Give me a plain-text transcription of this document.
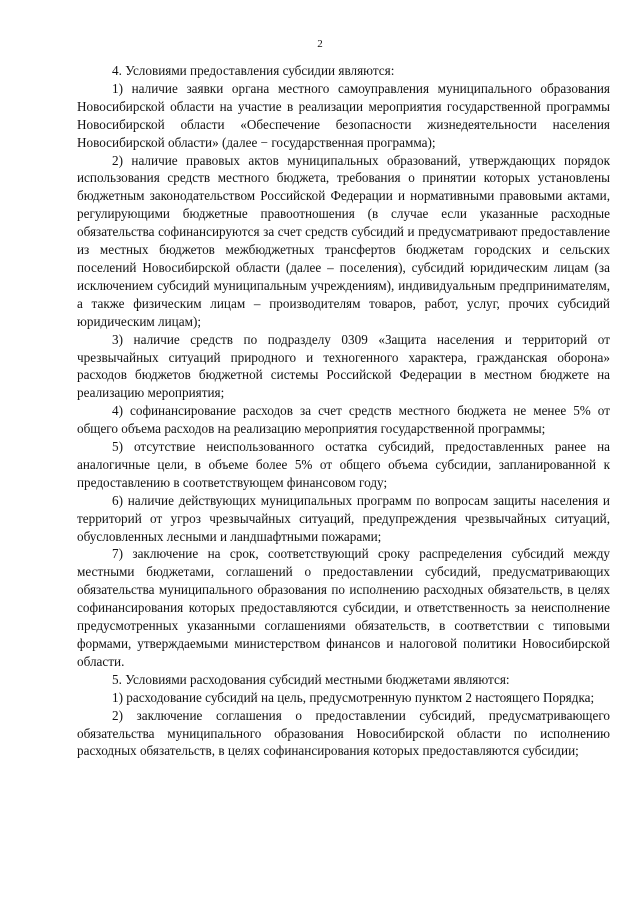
2

4. Условиями предоставления субсидии являются:

1) наличие заявки органа местного самоуправления муниципального образования Новосибирской области на участие в реализации мероприятия государственной программы Новосибирской области «Обеспечение безопасности жизнедеятельности населения Новосибирской области» (далее − государственная программа);

2) наличие правовых актов муниципальных образований, утверждающих порядок использования средств местного бюджета, требования о принятии которых установлены бюджетным законодательством Российской Федерации и нормативными правовыми актами, регулирующими бюджетные правоотношения (в случае если указанные расходные обязательства софинансируются за счет средств субсидий и предусматривают предоставление из местных бюджетов межбюджетных трансфертов бюджетам городских и сельских поселений Новосибирской области (далее – поселения), субсидий юридическим лицам (за исключением субсидий муниципальным учреждениям), индивидуальным предпринимателям, а также физическим лицам – производителям товаров, работ, услуг, прочих субсидий юридическим лицам);

3) наличие средств по подразделу 0309 «Защита населения и территорий от чрезвычайных ситуаций природного и техногенного характера, гражданская оборона» расходов бюджетов бюджетной системы Российской Федерации в местном бюджете на реализацию мероприятия;

4) софинансирование расходов за счет средств местного бюджета не менее 5% от общего объема расходов на реализацию мероприятия государственной программы;

5) отсутствие неиспользованного остатка субсидий, предоставленных ранее на аналогичные цели, в объеме более 5% от общего объема субсидии, запланированной к предоставлению в соответствующем финансовом году;

6) наличие действующих муниципальных программ по вопросам защиты населения и территорий от угроз чрезвычайных ситуаций, предупреждения чрезвычайных ситуаций, обусловленных лесными и ландшафтными пожарами;

7) заключение на срок, соответствующий сроку распределения субсидий между местными бюджетами, соглашений о предоставлении субсидий, предусматривающих обязательства муниципального образования по исполнению расходных обязательств, в целях софинансирования которых предоставляются субсидии, и ответственность за неисполнение предусмотренных указанными соглашениями обязательств, в соответствии с типовыми формами, утверждаемыми министерством финансов и налоговой политики Новосибирской области.

5. Условиями расходования субсидий местными бюджетами являются:

1) расходование субсидий на цель, предусмотренную пунктом 2 настоящего Порядка;

2) заключение соглашения о предоставлении субсидий, предусматривающего обязательства муниципального образования Новосибирской области по исполнению расходных обязательств, в целях софинансирования которых предоставляются субсидии;
